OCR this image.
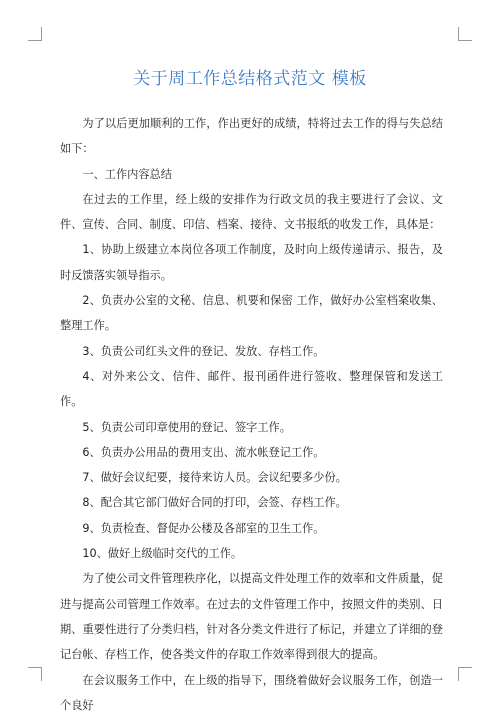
关于周工作总结格式范文 模板

为了以后更加顺利的工作，作出更好的成绩，特将过去工作的得与失总结如下：

一、工作内容总结

在过去的工作里，经上级的安排作为行政文员的我主要进行了会议、文件、宣传、合同、制度、印信、档案、接待、文书报纸的收发工作，具体是：

1、协助上级建立本岗位各项工作制度，及时向上级传递请示、报告，及时反馈落实领导指示。

2、负责办公室的文秘、信息、机要和保密 工作，做好办公室档案收集、整理工作。

3、负责公司红头文件的登记、发放、存档工作。

4、对外来公文、信件、邮件、报刊函件进行签收、整理保管和发送工作。

5、负责公司印章使用的登记、签字工作。

6、负责办公用品的费用支出、流水帐登记工作。

7、做好会议纪要，接待来访人员。会议纪要多少份。

8、配合其它部门做好合同的打印，会签、存档工作。

9、负责检查、督促办公楼及各部室的卫生工作。

10、做好上级临时交代的工作。

为了使公司文件管理秩序化，以提高文件处理工作的效率和文件质量，促进与提高公司管理工作效率。在过去的文件管理工作中，按照文件的类别、日期、重要性进行了分类归档，针对各分类文件进行了标记，并建立了详细的登记台帐、存档工作，使各类文件的存取工作效率得到很大的提高。

在会议服务工作中，在上级的指导下，围绕着做好会议服务工作，创造一个良好
